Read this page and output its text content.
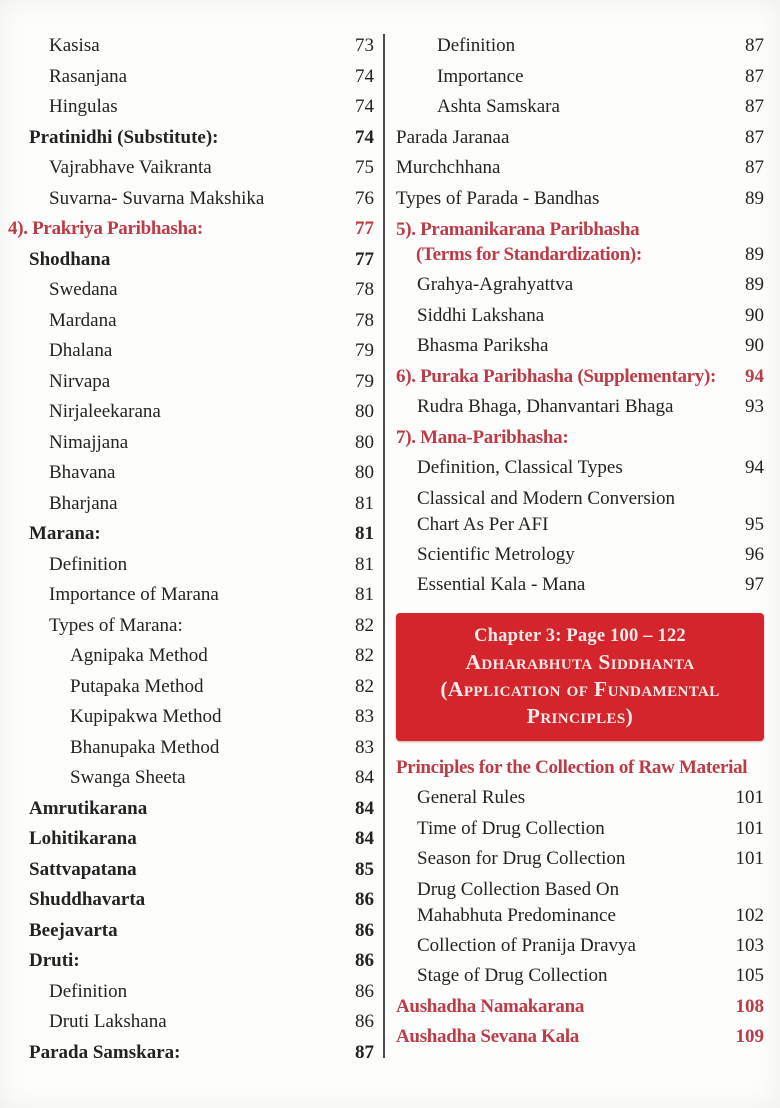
Kasisa	73
Rasanjana	74
Hingulas	74
Pratinidhi (Substitute):	74
Vajrabhave Vaikranta	75
Suvarna- Suvarna Makshika	76
4). Prakriya Paribhasha:	77
Shodhana	77
Swedana	78
Mardana	78
Dhalana	79
Nirvapa	79
Nirjaleekarana	80
Nimajjana	80
Bhavana	80
Bharjana	81
Marana:	81
Definition	81
Importance of Marana	81
Types of Marana:	82
Agnipaka Method	82
Putapaka Method	82
Kupipakwa Method	83
Bhanupaka Method	83
Swanga Sheeta	84
Amrutikarana	84
Lohitikarana	84
Sattvapatana	85
Shuddhavarta	86
Beejavarta	86
Druti:	86
Definition	86
Druti Lakshana	86
Parada Samskara:	87
Definition	87
Importance	87
Ashta Samskara	87
Parada Jaranaa	87
Murchchhana	87
Types of Parada - Bandhas	89
5). Pramanikarana Paribhasha
(Terms for Standardization):	89
Grahya-Agrahyattva	89
Siddhi Lakshana	90
Bhasma Pariksha	90
6). Puraka Paribhasha (Supplementary):	94
Rudra Bhaga, Dhanvantari Bhaga	93
7). Mana-Paribhasha:
Definition, Classical Types	94
Classical and Modern Conversion
Chart As Per AFI	95
Scientific Metrology	96
Essential Kala - Mana	97
Chapter 3: Page 100 – 122
Adharabhuta Siddhanta
(Application of Fundamental
Principles)
Principles for the Collection of Raw Material
General Rules	101
Time of Drug Collection	101
Season for Drug Collection	101
Drug Collection Based On
Mahabhuta Predominance	102
Collection of Pranija Dravya	103
Stage of Drug Collection	105
Aushadha Namakarana	108
Aushadha Sevana Kala	109
